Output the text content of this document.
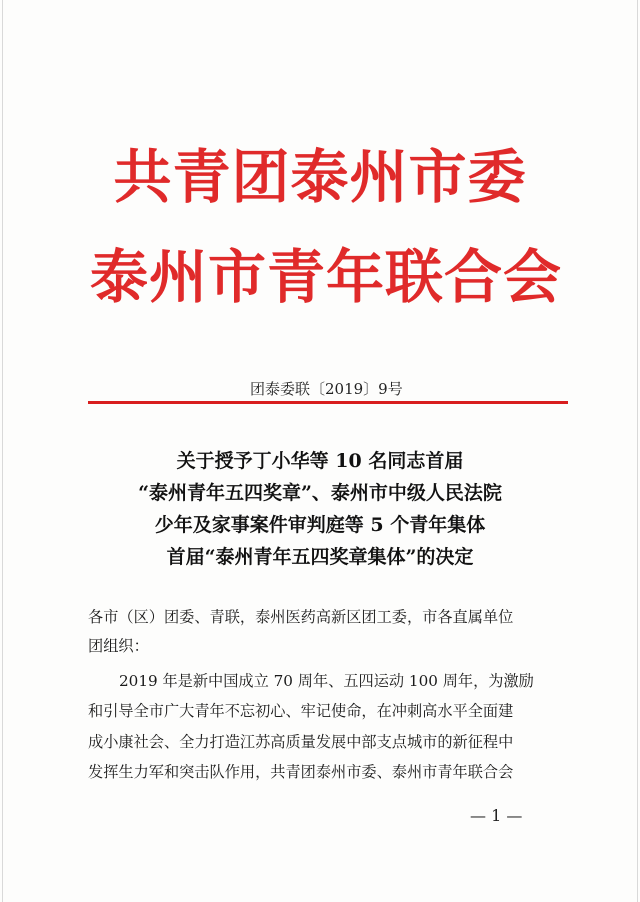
共青团泰州市委
泰州市青年联合会
团泰委联〔2019〕9号
关于授予丁小华等 10 名同志首届
“泰州青年五四奖章”、泰州市中级人民法院
少年及家事案件审判庭等 5 个青年集体
首届“泰州青年五四奖章集体”的决定
各市（区）团委、青联，泰州医药高新区团工委，市各直属单位
团组织：
2019 年是新中国成立 70 周年、五四运动 100 周年，为激励
和引导全市广大青年不忘初心、牢记使命，在冲刺高水平全面建
成小康社会、全力打造江苏高质量发展中部支点城市的新征程中
发挥生力军和突击队作用，共青团泰州市委、泰州市青年联合会
— 1 —
